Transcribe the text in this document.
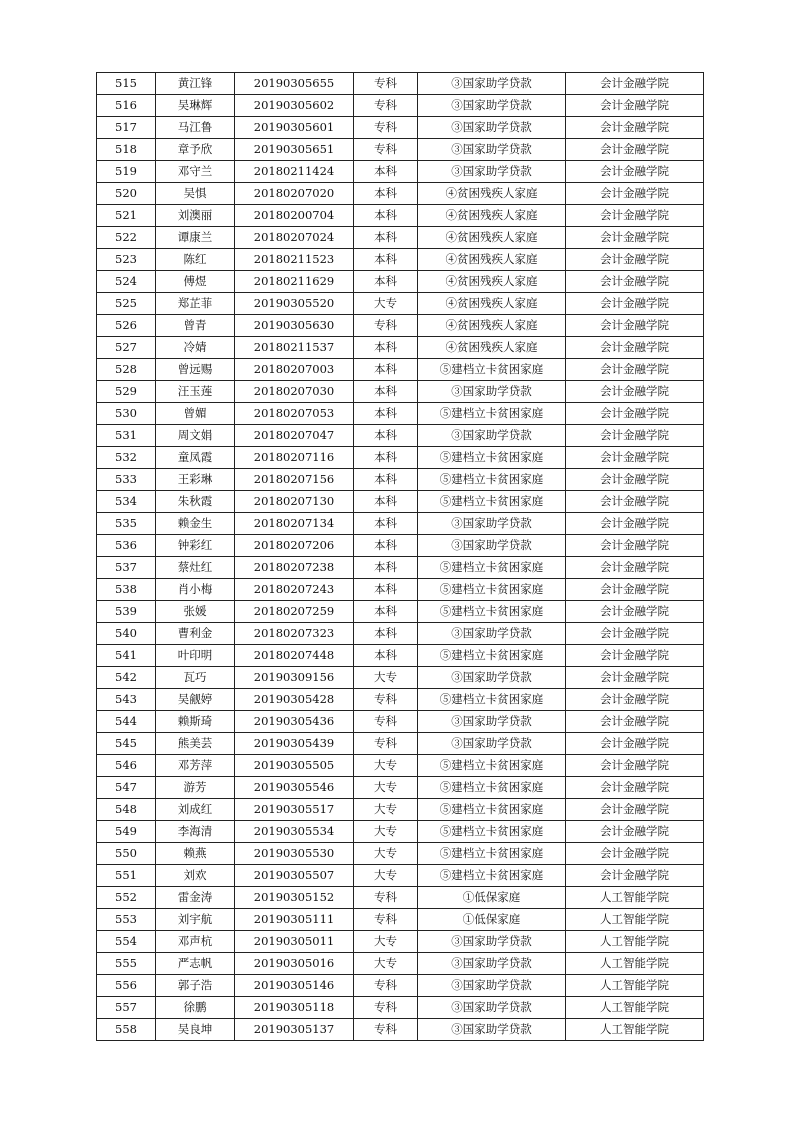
515	黄江锋	20190305655	专科	③国家助学贷款	会计金融学院
516	吴琳辉	20190305602	专科	③国家助学贷款	会计金融学院
517	马江鲁	20190305601	专科	③国家助学贷款	会计金融学院
518	章予欣	20190305651	专科	③国家助学贷款	会计金融学院
519	邓守兰	20180211424	本科	③国家助学贷款	会计金融学院
520	吴惧	20180207020	本科	④贫困残疾人家庭	会计金融学院
521	刘澳丽	20180200704	本科	④贫困残疾人家庭	会计金融学院
522	谭康兰	20180207024	本科	④贫困残疾人家庭	会计金融学院
523	陈红	20180211523	本科	④贫困残疾人家庭	会计金融学院
524	傅煜	20180211629	本科	④贫困残疾人家庭	会计金融学院
525	郑芷菲	20190305520	大专	④贫困残疾人家庭	会计金融学院
526	曾青	20190305630	专科	④贫困残疾人家庭	会计金融学院
527	冷婧	20180211537	本科	④贫困残疾人家庭	会计金融学院
528	曾远赐	20180207003	本科	⑤建档立卡贫困家庭	会计金融学院
529	汪玉莲	20180207030	本科	③国家助学贷款	会计金融学院
530	曾媚	20180207053	本科	⑤建档立卡贫困家庭	会计金融学院
531	周文娟	20180207047	本科	③国家助学贷款	会计金融学院
532	童凤霞	20180207116	本科	⑤建档立卡贫困家庭	会计金融学院
533	王彩琳	20180207156	本科	⑤建档立卡贫困家庭	会计金融学院
534	朱秋霞	20180207130	本科	⑤建档立卡贫困家庭	会计金融学院
535	赖金生	20180207134	本科	③国家助学贷款	会计金融学院
536	钟彩红	20180207206	本科	③国家助学贷款	会计金融学院
537	蔡灶红	20180207238	本科	⑤建档立卡贫困家庭	会计金融学院
538	肖小梅	20180207243	本科	⑤建档立卡贫困家庭	会计金融学院
539	张媛	20180207259	本科	⑤建档立卡贫困家庭	会计金融学院
540	曹利金	20180207323	本科	③国家助学贷款	会计金融学院
541	叶印明	20180207448	本科	⑤建档立卡贫困家庭	会计金融学院
542	瓦巧	20190309156	大专	③国家助学贷款	会计金融学院
543	吴觎婷	20190305428	专科	⑤建档立卡贫困家庭	会计金融学院
544	赖斯琦	20190305436	专科	③国家助学贷款	会计金融学院
545	熊美芸	20190305439	专科	③国家助学贷款	会计金融学院
546	邓芳萍	20190305505	大专	⑤建档立卡贫困家庭	会计金融学院
547	游芳	20190305546	大专	⑤建档立卡贫困家庭	会计金融学院
548	刘成红	20190305517	大专	⑤建档立卡贫困家庭	会计金融学院
549	李海清	20190305534	大专	⑤建档立卡贫困家庭	会计金融学院
550	赖燕	20190305530	大专	⑤建档立卡贫困家庭	会计金融学院
551	刘欢	20190305507	大专	⑤建档立卡贫困家庭	会计金融学院
552	雷金涛	20190305152	专科	①低保家庭	人工智能学院
553	刘宇航	20190305111	专科	①低保家庭	人工智能学院
554	邓声杭	20190305011	大专	③国家助学贷款	人工智能学院
555	严志帆	20190305016	大专	③国家助学贷款	人工智能学院
556	郭子浩	20190305146	专科	③国家助学贷款	人工智能学院
557	徐鹏	20190305118	专科	③国家助学贷款	人工智能学院
558	吴良坤	20190305137	专科	③国家助学贷款	人工智能学院
